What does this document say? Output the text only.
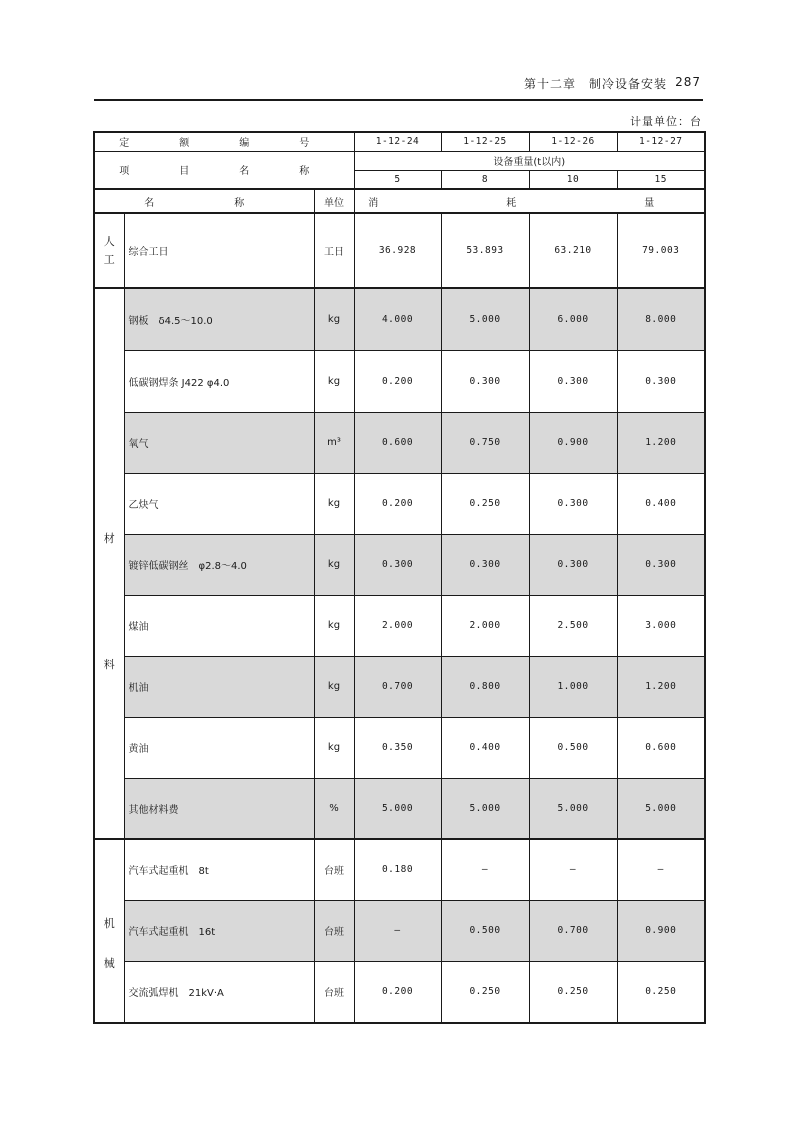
第十二章 制冷设备安装 287
计量单位：台
定　额　编　号			1-12-24	1-12-25	1-12-26	1-12-27
项　目　名　称			设备重量(t以内)			
			5	8	10	15
名　　称		单位	消　　耗　　量			

人
工	综合工日	工日	36.928	53.893	63.210	79.003

材
料	钢板　δ4.5～10.0	kg	4.000	5.000	6.000	8.000
	低碳钢焊条 J422 φ4.0	kg	0.200	0.300	0.300	0.300
	氧气	m³	0.600	0.750	0.900	1.200
	乙炔气	kg	0.200	0.250	0.300	0.400
	镀锌低碳钢丝　φ2.8～4.0	kg	0.300	0.300	0.300	0.300
	煤油	kg	2.000	2.000	2.500	3.000
	机油	kg	0.700	0.800	1.000	1.200
	黄油	kg	0.350	0.400	0.500	0.600
	其他材料费	%	5.000	5.000	5.000	5.000

机
械	汽车式起重机　8t	台班	0.180	—	—	—
	汽车式起重机　16t	台班	—	0.500	0.700	0.900
	交流弧焊机　21kV·A	台班	0.200	0.250	0.250	0.250
